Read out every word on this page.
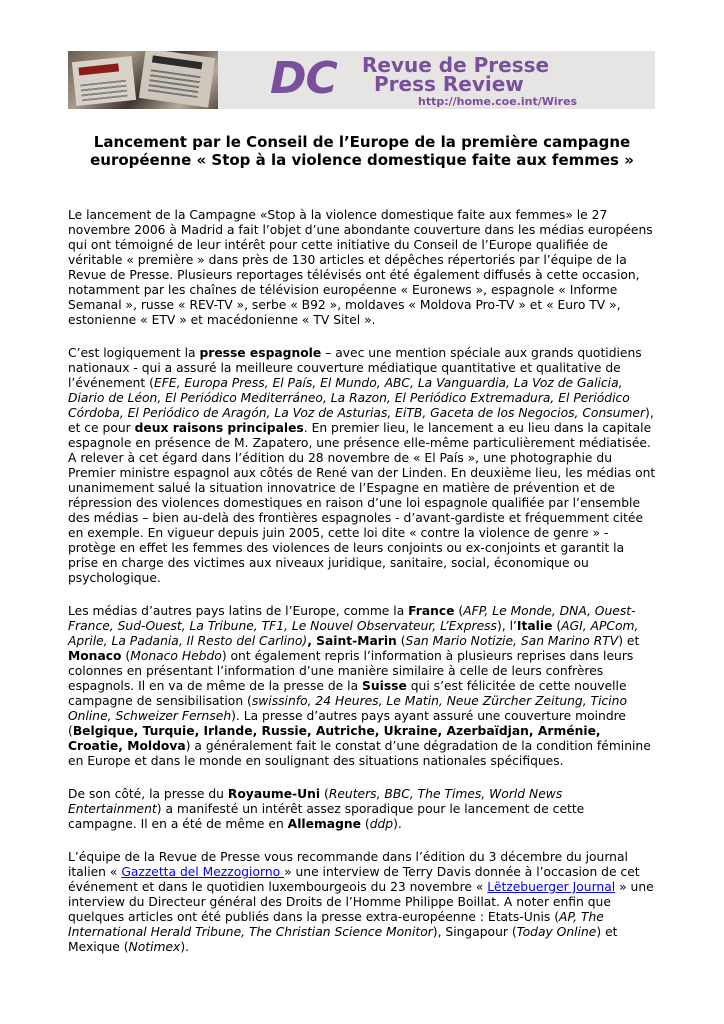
DC Revue de Presse
Press Review
http://home.coe.int/Wires
Lancement par le Conseil de l’Europe de la première campagne
européenne « Stop à la violence domestique faite aux femmes »

Le lancement de la Campagne «Stop à la violence domestique faite aux femmes» le 27 novembre 2006 à Madrid a fait l’objet d’une abondante couverture dans les médias européens qui ont témoigné de leur intérêt pour cette initiative du Conseil de l’Europe qualifiée de véritable « première » dans près de 130 articles et dépêches répertoriés par l’équipe de la Revue de Presse. Plusieurs reportages télévisés ont été également diffusés à cette occasion, notamment par les chaînes de télévision européenne « Euronews », espagnole « Informe Semanal », russe « REV-TV », serbe « B92 », moldaves « Moldova Pro-TV » et « Euro TV », estonienne « ETV » et macédonienne « TV Sitel ».

C’est logiquement la presse espagnole – avec une mention spéciale aux grands quotidiens nationaux - qui a assuré la meilleure couverture médiatique quantitative et qualitative de l’événement (EFE, Europa Press, El País, El Mundo, ABC, La Vanguardia, La Voz de Galicia, Diario de Léon, El Periódico Mediterráneo, La Razon, El Periódico Extremadura, El Periódico Córdoba, El Periódico de Aragón, La Voz de Asturias, EiTB, Gaceta de los Negocios, Consumer), et ce pour deux raisons principales. En premier lieu, le lancement a eu lieu dans la capitale espagnole en présence de M. Zapatero, une présence elle-même particulièrement médiatisée. A relever à cet égard dans l’édition du 28 novembre de « El País », une photographie du Premier ministre espagnol aux côtés de René van der Linden. En deuxième lieu, les médias ont unanimement salué la situation innovatrice de l’Espagne en matière de prévention et de répression des violences domestiques en raison d’une loi espagnole qualifiée par l’ensemble des médias – bien au-delà des frontières espagnoles - d’avant-gardiste et fréquemment citée en exemple. En vigueur depuis juin 2005, cette loi dite « contre la violence de genre » - protège en effet les femmes des violences de leurs conjoints ou ex-conjoints et garantit la prise en charge des victimes aux niveaux juridique, sanitaire, social, économique ou psychologique.

Les médias d’autres pays latins de l’Europe, comme la France (AFP, Le Monde, DNA, Ouest-France, Sud-Ouest, La Tribune, TF1, Le Nouvel Observateur, L’Express), l’Italie (AGI, APCom, Aprile, La Padania, Il Resto del Carlino), Saint-Marin (San Mario Notizie, San Marino RTV) et Monaco (Monaco Hebdo) ont également repris l’information à plusieurs reprises dans leurs colonnes en présentant l’information d’une manière similaire à celle de leurs confrères espagnols. Il en va de même de la presse de la Suisse qui s’est félicitée de cette nouvelle campagne de sensibilisation (swissinfo, 24 Heures, Le Matin, Neue Zürcher Zeitung, Ticino Online, Schweizer Fernseh). La presse d’autres pays ayant assuré une couverture moindre (Belgique, Turquie, Irlande, Russie, Autriche, Ukraine, Azerbaïdjan, Arménie, Croatie, Moldova) a généralement fait le constat d’une dégradation de la condition féminine en Europe et dans le monde en soulignant des situations nationales spécifiques.

De son côté, la presse du Royaume-Uni (Reuters, BBC, The Times, World News Entertainment) a manifesté un intérêt assez sporadique pour le lancement de cette campagne. Il en a été de même en Allemagne (ddp).

L’équipe de la Revue de Presse vous recommande dans l’édition du 3 décembre du journal italien « Gazzetta del Mezzogiorno » une interview de Terry Davis donnée à l’occasion de cet événement et dans le quotidien luxembourgeois du 23 novembre « Lëtzebuerger Journal » une interview du Directeur général des Droits de l’Homme Philippe Boillat. A noter enfin que quelques articles ont été publiés dans la presse extra-européenne : Etats-Unis (AP, The International Herald Tribune, The Christian Science Monitor), Singapour (Today Online) et Mexique (Notimex).
